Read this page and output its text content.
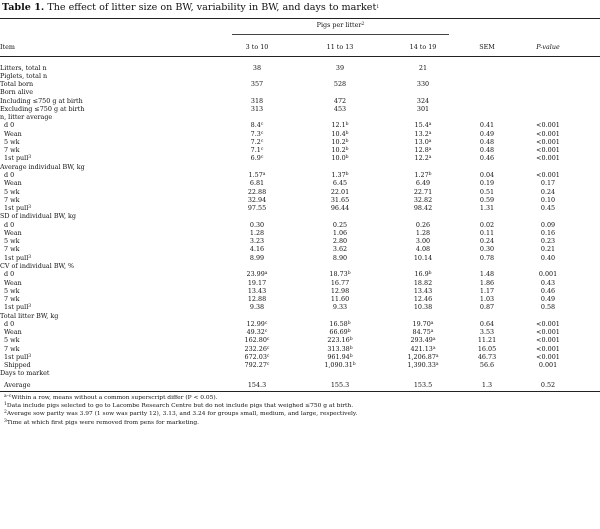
Table 1. The effect of litter size on BW, variability in BW, and days to market$^1$
Pigs per litter$^2$
Item	3 to 10	11 to 13	14 to 19	SEM	P-value
Litters, total n	38	39	21
Piglets, total n
Total born	357	528	330
Born alive
Including ≤750 g at birth	318	472	324
Excluding ≤750 g at birth	313	453	301
n, litter average
d 0	8.4$^c$	12.1$^b$	15.4$^a$	0.41	<0.001
Wean	7.3$^c$	10.4$^b$	13.2$^a$	0.49	<0.001
5 wk	7.2$^c$	10.2$^b$	13.0$^a$	0.48	<0.001
7 wk	7.1$^c$	10.2$^b$	12.8$^a$	0.48	<0.001
1st pull$^3$	6.9$^c$	10.0$^b$	12.2$^a$	0.46	<0.001
Average individual BW, kg
d 0	1.57$^a$	1.37$^b$	1.27$^b$	0.04	<0.001
Wean	6.81	6.45	6.49	0.19	0.17
5 wk	22.88	22.01	22.71	0.51	0.24
7 wk	32.94	31.65	32.82	0.59	0.10
1st pull$^3$	97.55	96.44	98.42	1.31	0.45
SD of individual BW, kg
d 0	0.30	0.25	0.26	0.02	0.09
Wean	1.28	1.06	1.28	0.11	0.16
5 wk	3.23	2.80	3.00	0.24	0.23
7 wk	4.16	3.62	4.08	0.30	0.21
1st pull$^3$	8.99	8.90	10.14	0.78	0.40
CV of individual BW, %
d 0	23.99$^a$	18.73$^b$	16.9$^b$	1.48	0.001
Wean	19.17	16.77	18.82	1.86	0.43
5 wk	13.43	12.98	13.43	1.17	0.46
7 wk	12.88	11.60	12.46	1.03	0.49
1st pull$^3$	9.38	9.33	10.38	0.87	0.58
Total litter BW, kg
d 0	12.99$^c$	16.58$^b$	19.70$^a$	0.64	<0.001
Wean	49.32$^c$	66.69$^b$	84.75$^a$	3.53	<0.001
5 wk	162.80$^c$	223.16$^b$	293.49$^a$	11.21	<0.001
7 wk	232.26$^c$	313.38$^b$	421.13$^a$	16.05	<0.001
1st pull$^3$	672.03$^c$	961.94$^b$	1,206.87$^a$	46.73	<0.001
Shipped	792.27$^c$	1,090.31$^b$	1,390.33$^a$	56.6	0.001
Days to market
Average	154.3	155.3	153.5	1.3	0.52
$^{a-c}$Within a row, means without a common superscript differ (P < 0.05).
$^1$Data include pigs selected to go to Lacombe Research Centre but do not include pigs that weighed ≤750 g at birth.
$^2$Average sow parity was 3.97 (1 sow was parity 12), 3.13, and 3.24 for groups small, medium, and large, respectively.
$^3$Time at which first pigs were removed from pens for marketing.
